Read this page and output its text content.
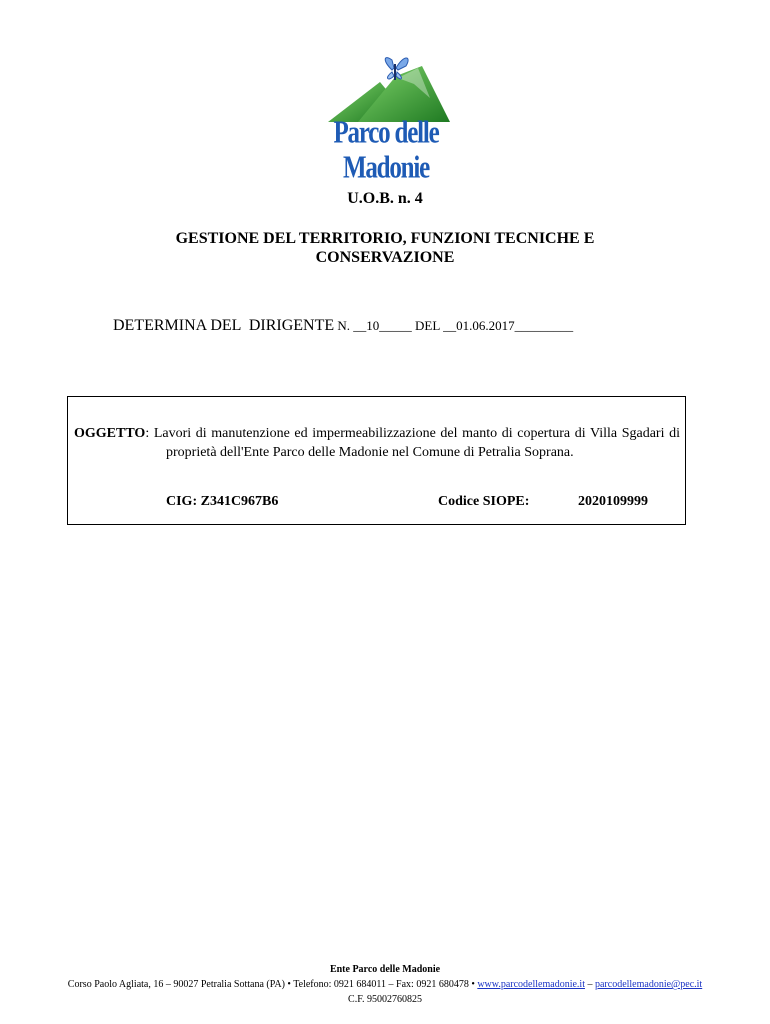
Parco delle Madonie
U.O.B. n. 4
GESTIONE DEL TERRITORIO, FUNZIONI TECNICHE E
CONSERVAZIONE
DETERMINA DEL  DIRIGENTE N. __10_____ DEL __01.06.2017_________
OGGETTO: Lavori di manutenzione ed impermeabilizzazione del manto di copertura di Villa Sgadari di proprietà dell'Ente Parco delle Madonie nel Comune di Petralia Soprana.
CIG: Z341C967B6	Codice SIOPE:	2020109999
Ente Parco delle Madonie
Corso Paolo Agliata, 16 – 90027 Petralia Sottana (PA) • Telefono: 0921 684011 – Fax: 0921 680478 • www.parcodellemadonie.it – parcodellemadonie@pec.it
C.F. 95002760825
